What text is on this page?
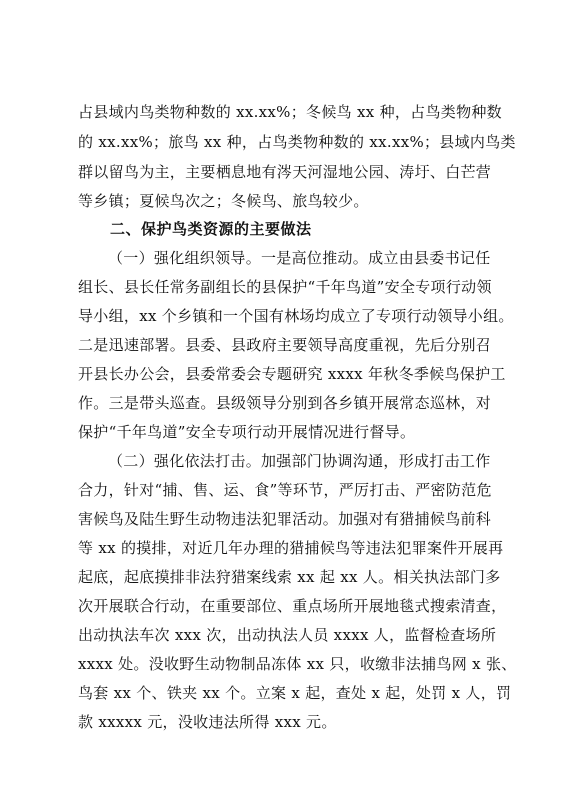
占县域内鸟类物种数的 xx.xx%；冬候鸟 xx 种，占鸟类物种数
的 xx.xx%；旅鸟 xx 种，占鸟类物种数的 xx.xx%；县域内鸟类
群以留鸟为主，主要栖息地有涔天河湿地公园、涛圩、白芒营
等乡镇；夏候鸟次之；冬候鸟、旅鸟较少。
二、保护鸟类资源的主要做法
（一）强化组织领导。一是高位推动。成立由县委书记任
组长、县长任常务副组长的县保护“千年鸟道”安全专项行动领
导小组，xx 个乡镇和一个国有林场均成立了专项行动领导小组。
二是迅速部署。县委、县政府主要领导高度重视，先后分别召
开县长办公会，县委常委会专题研究 xxxx 年秋冬季候鸟保护工
作。三是带头巡查。县级领导分别到各乡镇开展常态巡林，对
保护“千年鸟道”安全专项行动开展情况进行督导。
（二）强化依法打击。加强部门协调沟通，形成打击工作
合力，针对“捕、售、运、食”等环节，严厉打击、严密防范危
害候鸟及陆生野生动物违法犯罪活动。加强对有猎捕候鸟前科
等 xx 的摸排，对近几年办理的猎捕候鸟等违法犯罪案件开展再
起底，起底摸排非法狩猎案线索 xx 起 xx 人。相关执法部门多
次开展联合行动，在重要部位、重点场所开展地毯式搜索清查，
出动执法车次 xxx 次，出动执法人员 xxxx 人，监督检查场所
xxxx 处。没收野生动物制品冻体 xx 只，收缴非法捕鸟网 x 张、
鸟套 xx 个、铁夹 xx 个。立案 x 起，查处 x 起，处罚 x 人，罚
款 xxxxx 元，没收违法所得 xxx 元。
